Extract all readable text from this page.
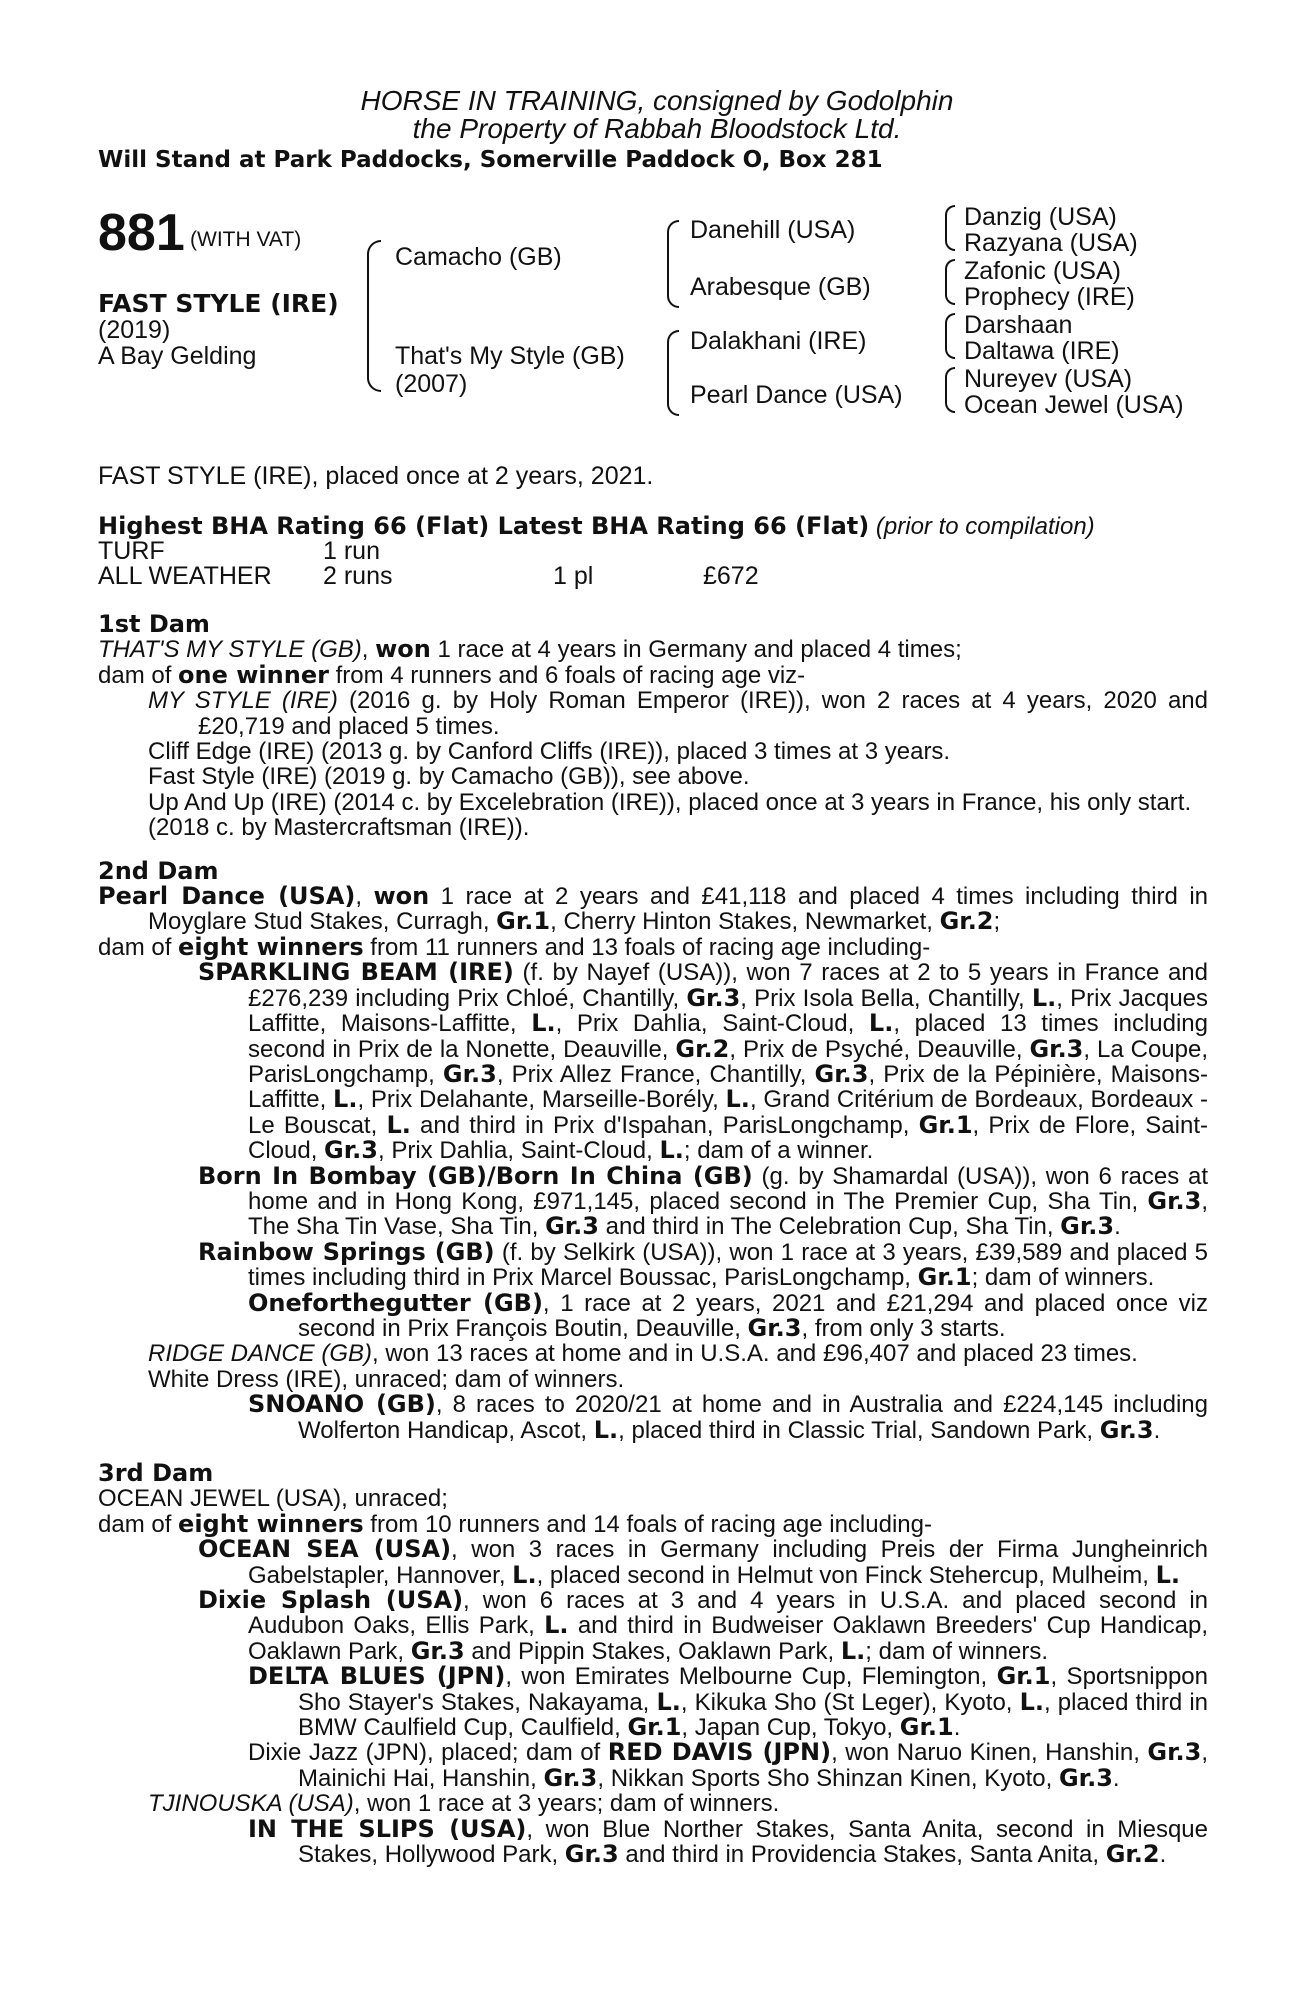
HORSE IN TRAINING, consigned by Godolphin
the Property of Rabbah Bloodstock Ltd.
Will Stand at Park Paddocks, Somerville Paddock O, Box 281
881 (WITH VAT)
FAST STYLE (IRE)
(2019)
A Bay Gelding
Camacho (GB)
That's My Style (GB)
(2007)
Danehill (USA)
Arabesque (GB)
Dalakhani (IRE)
Pearl Dance (USA)
Danzig (USA)
Razyana (USA)
Zafonic (USA)
Prophecy (IRE)
Darshaan
Daltawa (IRE)
Nureyev (USA)
Ocean Jewel (USA)
FAST STYLE (IRE), placed once at 2 years, 2021.
Highest BHA Rating 66 (Flat) Latest BHA Rating 66 (Flat) (prior to compilation)
TURF	1 run
ALL WEATHER 2 runs	1 pl	£672

1st Dam

THAT'S MY STYLE (GB), won 1 race at 4 years in Germany and placed 4 times;

dam of one winner from 4 runners and 6 foals of racing age viz-

MY STYLE (IRE) (2016 g. by Holy Roman Emperor (IRE)), won 2 races at 4 years, 2020 and £20,719 and placed 5 times.

Cliff Edge (IRE) (2013 g. by Canford Cliffs (IRE)), placed 3 times at 3 years.

Fast Style (IRE) (2019 g. by Camacho (GB)), see above.

Up And Up (IRE) (2014 c. by Excelebration (IRE)), placed once at 3 years in France, his only start.

(2018 c. by Mastercraftsman (IRE)).

2nd Dam

Pearl Dance (USA), won 1 race at 2 years and £41,118 and placed 4 times including third in Moyglare Stud Stakes, Curragh, Gr.1, Cherry Hinton Stakes, Newmarket, Gr.2;

dam of eight winners from 11 runners and 13 foals of racing age including-

SPARKLING BEAM (IRE) (f. by Nayef (USA)), won 7 races at 2 to 5 years in France and £276,239 including Prix Chloé, Chantilly, Gr.3, Prix Isola Bella, Chantilly, L., Prix Jacques Laffitte, Maisons-Laffitte, L., Prix Dahlia, Saint-Cloud, L., placed 13 times including second in Prix de la Nonette, Deauville, Gr.2, Prix de Psyché, Deauville, Gr.3, La Coupe, ParisLongchamp, Gr.3, Prix Allez France, Chantilly, Gr.3, Prix de la Pépinière, Maisons-Laffitte, L., Prix Delahante, Marseille-Borély, L., Grand Critérium de Bordeaux, Bordeaux - Le Bouscat, L. and third in Prix d'Ispahan, ParisLongchamp, Gr.1, Prix de Flore, Saint-Cloud, Gr.3, Prix Dahlia, Saint-Cloud, L.; dam of a winner.

Born In Bombay (GB)/Born In China (GB) (g. by Shamardal (USA)), won 6 races at home and in Hong Kong, £971,145, placed second in The Premier Cup, Sha Tin, Gr.3, The Sha Tin Vase, Sha Tin, Gr.3 and third in The Celebration Cup, Sha Tin, Gr.3.

Rainbow Springs (GB) (f. by Selkirk (USA)), won 1 race at 3 years, £39,589 and placed 5 times including third in Prix Marcel Boussac, ParisLongchamp, Gr.1; dam of winners.

Oneforthegutter (GB), 1 race at 2 years, 2021 and £21,294 and placed once viz second in Prix François Boutin, Deauville, Gr.3, from only 3 starts.

RIDGE DANCE (GB), won 13 races at home and in U.S.A. and £96,407 and placed 23 times.

White Dress (IRE), unraced; dam of winners.

SNOANO (GB), 8 races to 2020/21 at home and in Australia and £224,145 including Wolferton Handicap, Ascot, L., placed third in Classic Trial, Sandown Park, Gr.3.

3rd Dam

OCEAN JEWEL (USA), unraced;

dam of eight winners from 10 runners and 14 foals of racing age including-

OCEAN SEA (USA), won 3 races in Germany including Preis der Firma Jungheinrich Gabelstapler, Hannover, L., placed second in Helmut von Finck Stehercup, Mulheim, L.

Dixie Splash (USA), won 6 races at 3 and 4 years in U.S.A. and placed second in Audubon Oaks, Ellis Park, L. and third in Budweiser Oaklawn Breeders' Cup Handicap, Oaklawn Park, Gr.3 and Pippin Stakes, Oaklawn Park, L.; dam of winners.

DELTA BLUES (JPN), won Emirates Melbourne Cup, Flemington, Gr.1, Sportsnippon Sho Stayer's Stakes, Nakayama, L., Kikuka Sho (St Leger), Kyoto, L., placed third in BMW Caulfield Cup, Caulfield, Gr.1, Japan Cup, Tokyo, Gr.1.

Dixie Jazz (JPN), placed; dam of RED DAVIS (JPN), won Naruo Kinen, Hanshin, Gr.3, Mainichi Hai, Hanshin, Gr.3, Nikkan Sports Sho Shinzan Kinen, Kyoto, Gr.3.

TJINOUSKA (USA), won 1 race at 3 years; dam of winners.

IN THE SLIPS (USA), won Blue Norther Stakes, Santa Anita, second in Miesque Stakes, Hollywood Park, Gr.3 and third in Providencia Stakes, Santa Anita, Gr.2.
